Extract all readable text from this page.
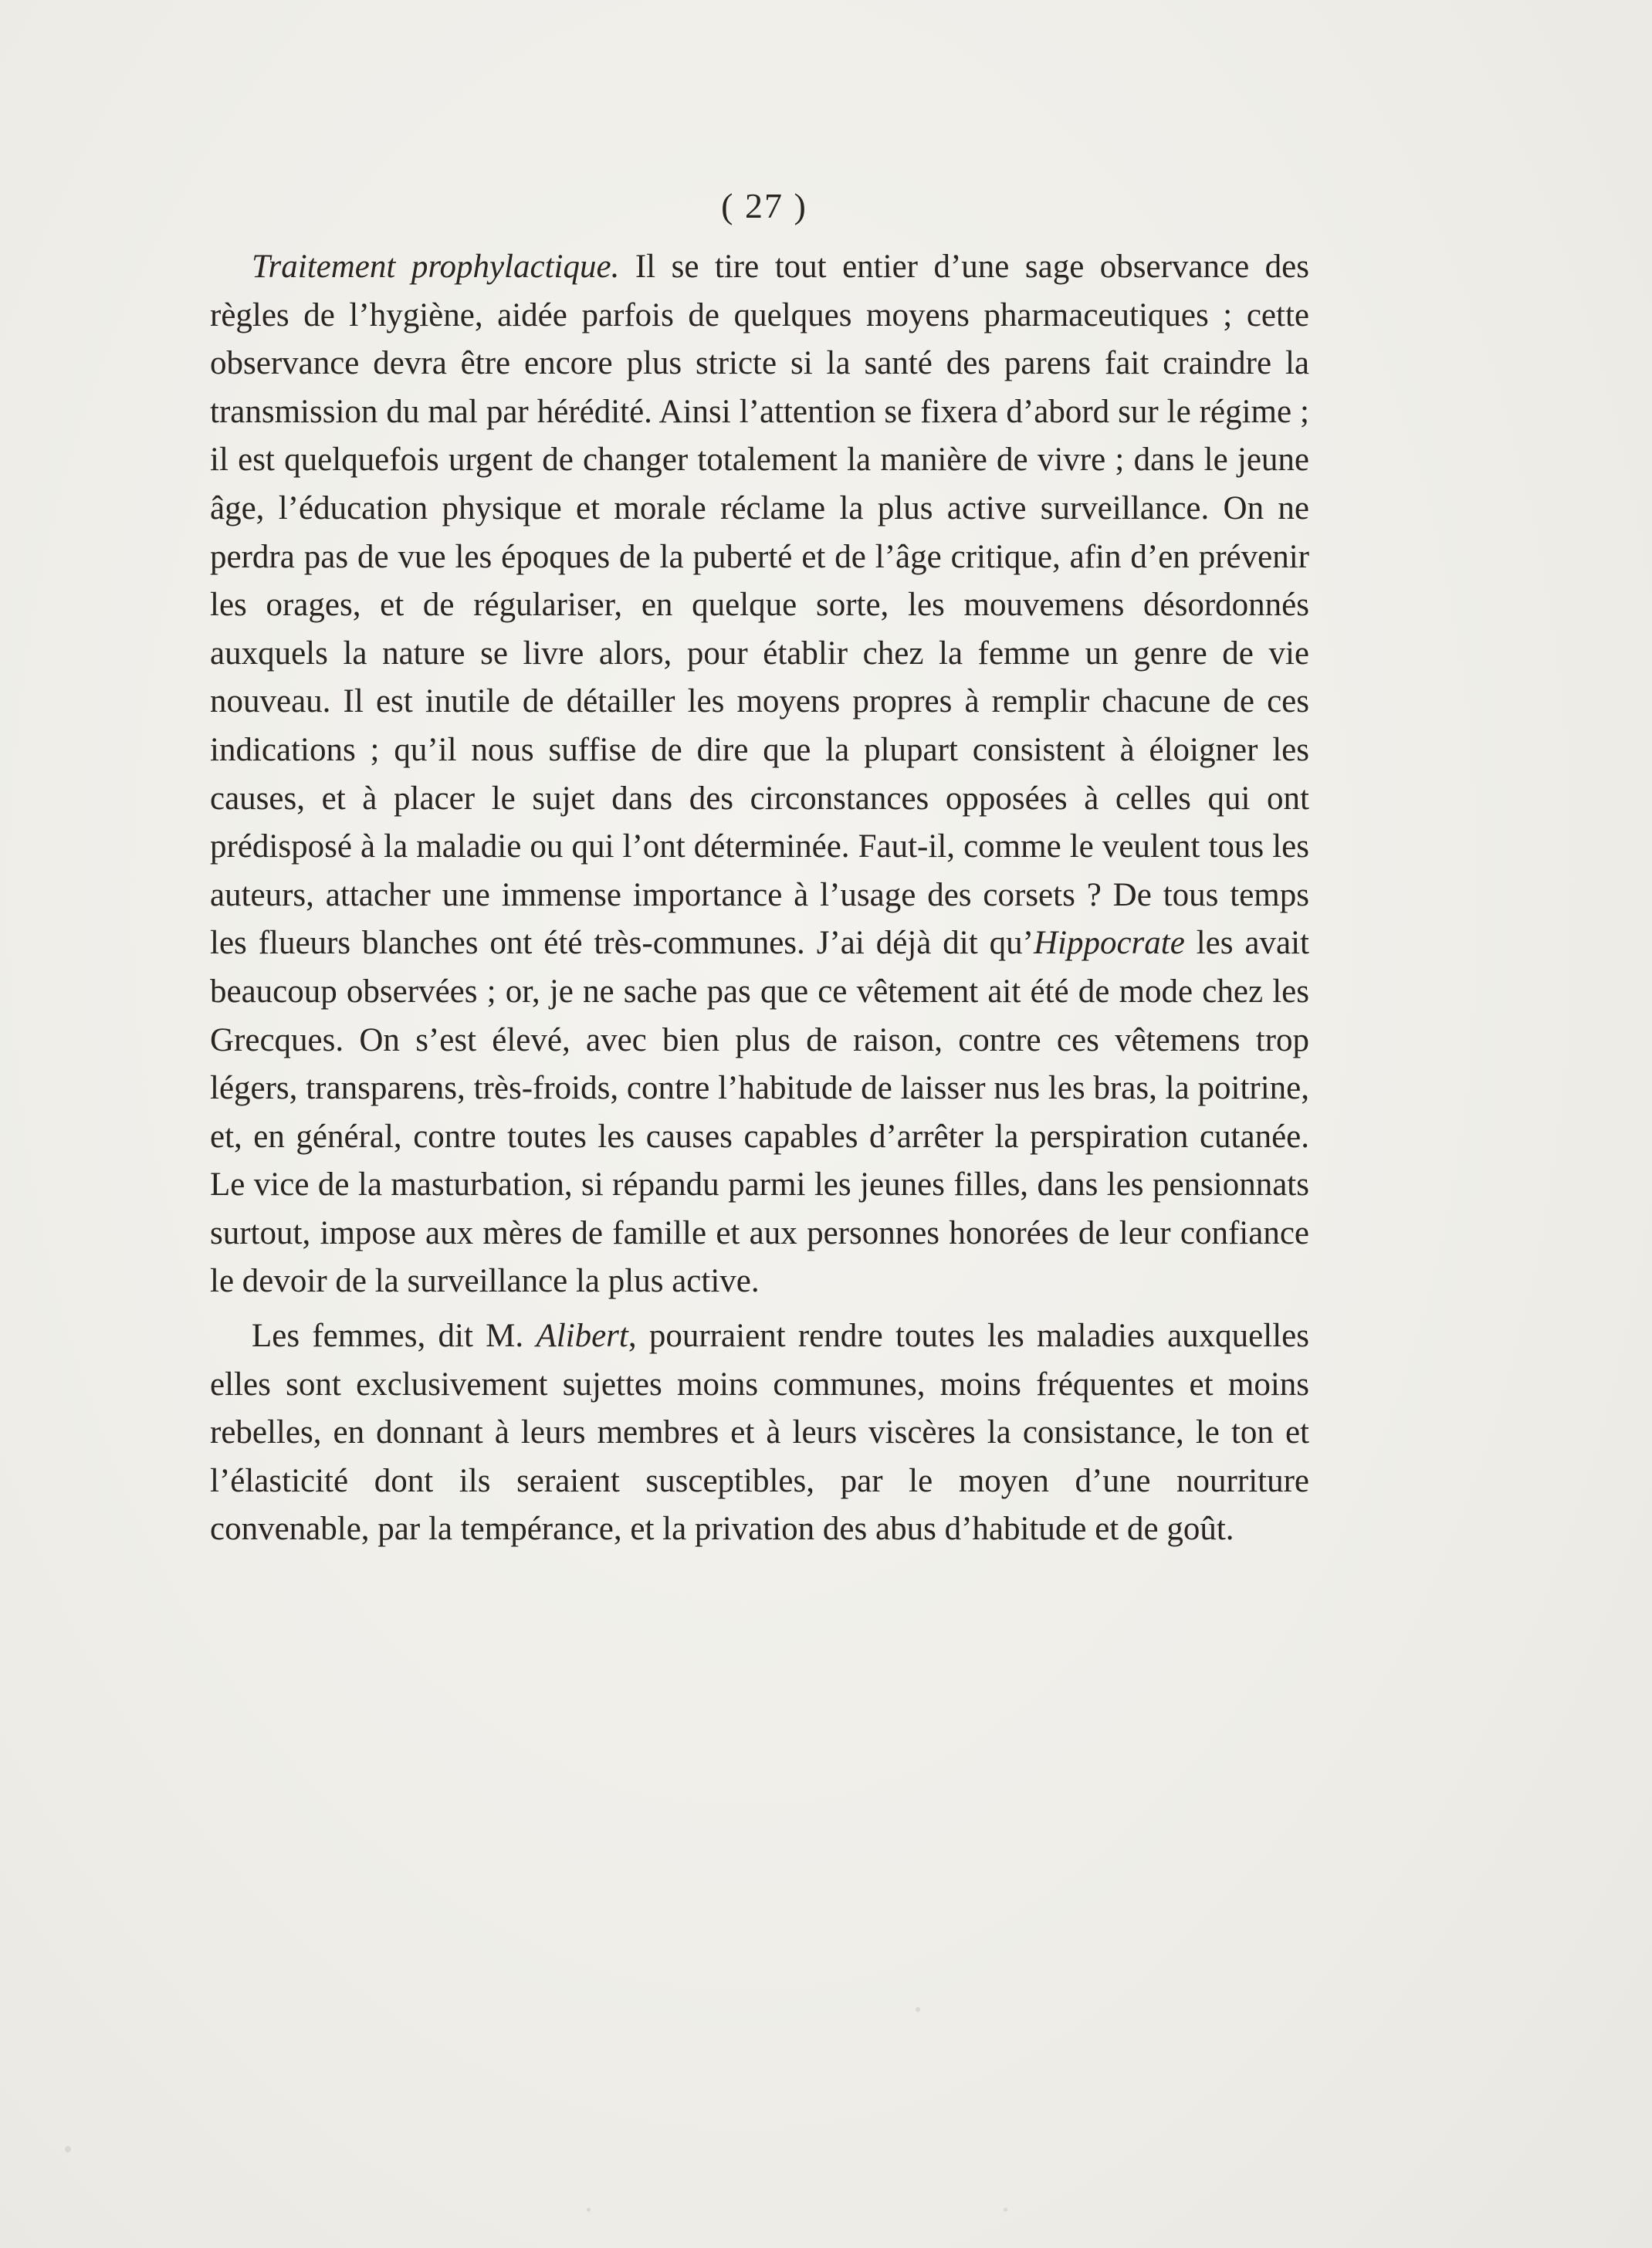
( 27 )

Traitement prophylactique. Il se tire tout entier d’une sage observance des règles de l’hygiène, aidée parfois de quelques moyens pharmaceutiques ; cette observance devra être encore plus stricte si la santé des parens fait craindre la transmission du mal par hérédité. Ainsi l’attention se fixera d’abord sur le régime ; il est quelquefois urgent de changer totalement la manière de vivre ; dans le jeune âge, l’éducation physique et morale réclame la plus active surveillance. On ne perdra pas de vue les époques de la puberté et de l’âge critique, afin d’en prévenir les orages, et de régulariser, en quelque sorte, les mouvemens désordonnés auxquels la nature se livre alors, pour établir chez la femme un genre de vie nouveau. Il est inutile de détailler les moyens propres à remplir chacune de ces indications ; qu’il nous suffise de dire que la plupart consistent à éloigner les causes, et à placer le sujet dans des circonstances opposées à celles qui ont prédisposé à la maladie ou qui l’ont déterminée. Faut-il, comme le veulent tous les auteurs, attacher une immense importance à l’usage des corsets ? De tous temps les flueurs blanches ont été très-communes. J’ai déjà dit qu’Hippocrate les avait beaucoup observées ; or, je ne sache pas que ce vêtement ait été de mode chez les Grecques. On s’est élevé, avec bien plus de raison, contre ces vêtemens trop légers, transparens, très-froids, contre l’habitude de laisser nus les bras, la poitrine, et, en général, contre toutes les causes capables d’arrêter la perspiration cutanée. Le vice de la masturbation, si répandu parmi les jeunes filles, dans les pensionnats surtout, impose aux mères de famille et aux personnes honorées de leur confiance le devoir de la surveillance la plus active.

Les femmes, dit M. Alibert, pourraient rendre toutes les maladies auxquelles elles sont exclusivement sujettes moins communes, moins fréquentes et moins rebelles, en donnant à leurs membres et à leurs viscères la consistance, le ton et l’élasticité dont ils seraient susceptibles, par le moyen d’une nourriture convenable, par la tempérance, et la privation des abus d’habitude et de goût.
